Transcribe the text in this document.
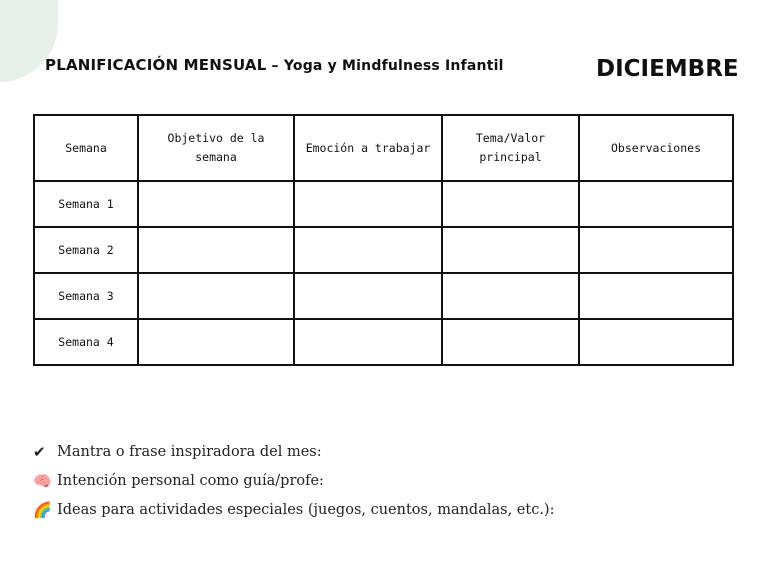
PLANIFICACIÓN MENSUAL – Yoga y Mindfulness Infantil	DICIEMBRE
Semana	Objetivo de la semana	Emoción a trabajar	Tema/Valor principal	Observaciones
Semana 1				
Semana 2				
Semana 3				
Semana 4				
✔ Mantra o frase inspiradora del mes:
🧠 Intención personal como guía/profe:
🌈 Ideas para actividades especiales (juegos, cuentos, mandalas, etc.):
